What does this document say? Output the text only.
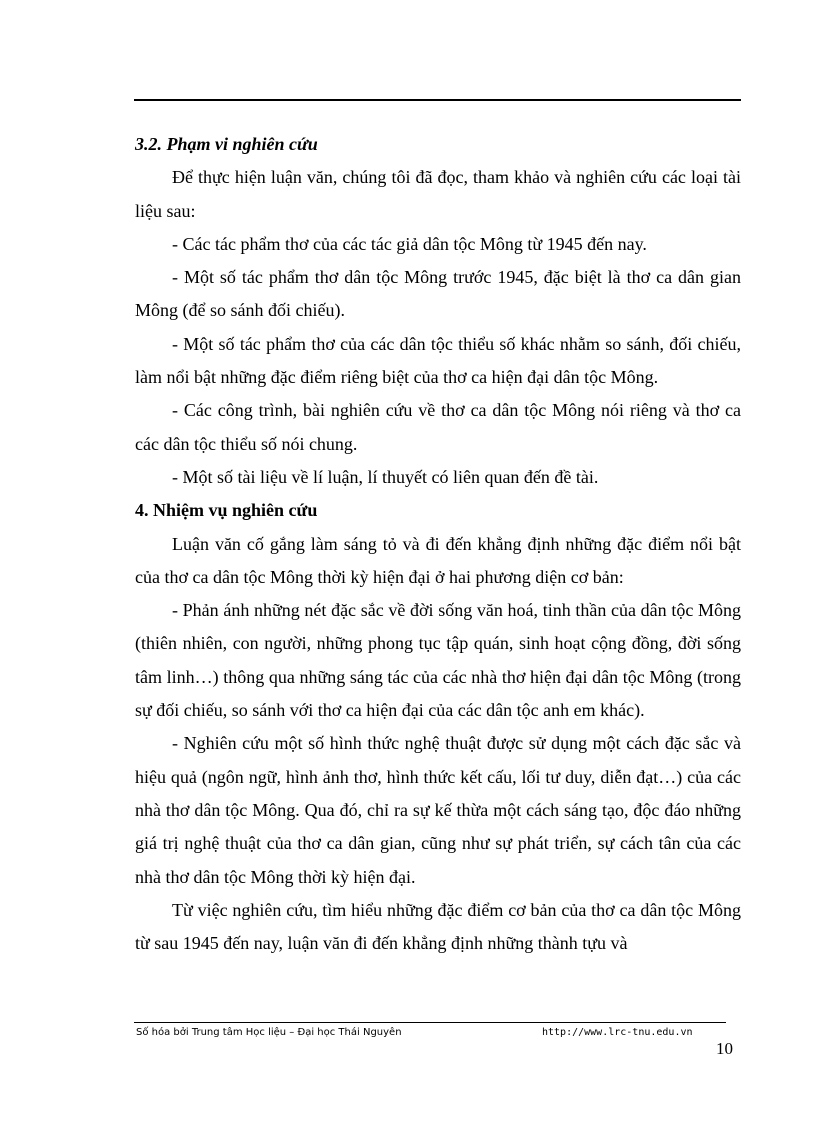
3.2. Phạm vi nghiên cứu

Để thực hiện luận văn, chúng tôi đã đọc, tham khảo và nghiên cứu các loại tài liệu sau:

- Các tác phẩm thơ của các tác giả dân tộc Mông từ 1945 đến nay.

- Một số tác phẩm thơ dân tộc Mông trước 1945, đặc biệt là thơ ca dân gian Mông (để so sánh đối chiếu).

- Một số tác phẩm thơ của các dân tộc thiểu số khác nhằm so sánh, đối chiếu, làm nổi bật những đặc điểm riêng biệt của thơ ca hiện đại dân tộc Mông.

- Các công trình, bài nghiên cứu về thơ ca dân tộc Mông nói riêng và thơ ca các dân tộc thiểu số nói chung.

- Một số tài liệu về lí luận, lí thuyết có liên quan đến đề tài.

4. Nhiệm vụ nghiên cứu

Luận văn cố gắng làm sáng tỏ và đi đến khẳng định những đặc điểm nổi bật của thơ ca dân tộc Mông thời kỳ hiện đại ở hai phương diện cơ bản:

- Phản ánh những nét đặc sắc về đời sống văn hoá, tinh thần của dân tộc Mông (thiên nhiên, con người, những phong tục tập quán, sinh hoạt cộng đồng, đời sống tâm linh…) thông qua những sáng tác của các nhà thơ hiện đại dân tộc Mông (trong sự đối chiếu, so sánh với thơ ca hiện đại của các dân tộc anh em khác).

- Nghiên cứu một số hình thức nghệ thuật được sử dụng một cách đặc sắc và hiệu quả (ngôn ngữ, hình ảnh thơ, hình thức kết cấu, lối tư duy, diễn đạt…) của các nhà thơ dân tộc Mông. Qua đó, chỉ ra sự kế thừa một cách sáng tạo, độc đáo những giá trị nghệ thuật của thơ ca dân gian, cũng như sự phát triển, sự cách tân của các nhà thơ dân tộc Mông thời kỳ hiện đại.

Từ việc nghiên cứu, tìm hiểu những đặc điểm cơ bản của thơ ca dân tộc Mông từ sau 1945 đến nay, luận văn đi đến khẳng định những thành tựu và

Số hóa bởi Trung tâm Học liệu – Đại học Thái Nguyên	http://www.lrc-tnu.edu.vn
10
